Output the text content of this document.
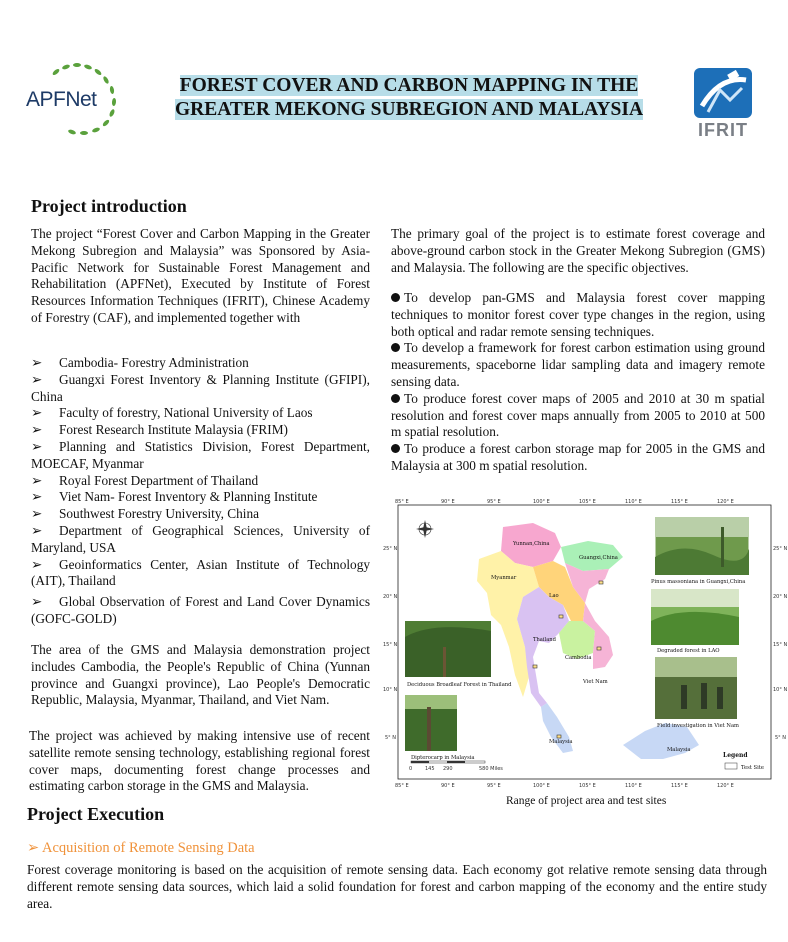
APFNet
FOREST COVER AND CARBON MAPPING IN THE
GREATER MEKONG SUBREGION AND MALAYSIA
IFRIT
Project introduction
The project “Forest Cover and Carbon Mapping in the Greater Mekong Subregion and Malaysia” was Sponsored by Asia-Pacific Network for Sustainable Forest Management and Rehabilitation (APFNet), Executed by Institute of Forest Resources Information Techniques (IFRIT), Chinese Academy of Forestry (CAF), and implemented together with
➢ Cambodia- Forestry Administration
➢ Guangxi Forest Inventory & Planning Institute (GFIPI), China
➢ Faculty of forestry, National University of Laos
➢ Forest Research Institute Malaysia (FRIM)
➢ Planning and Statistics Division, Forest Department, MOECAF, Myanmar
➢ Royal Forest Department of Thailand
➢ Viet Nam- Forest Inventory & Planning Institute
➢ Southwest Forestry University, China
➢ Department of Geographical Sciences, University of Maryland, USA
➢ Geoinformatics Center, Asian Institute of Technology (AIT), Thailand
➢ Global Observation of Forest and Land Cover Dynamics (GOFC-GOLD)
The area of the GMS and Malaysia demonstration project includes Cambodia, the People's Republic of China (Yunnan province and Guangxi province), Lao People's Democratic Republic, Malaysia, Myanmar, Thailand, and Viet Nam.
The project was achieved by making intensive use of recent satellite remote sensing technology, establishing regional forest cover maps, documenting forest change processes and estimating carbon storage in the GMS and Malaysia.
The primary goal of the project is to estimate forest coverage and above-ground carbon stock in the Greater Mekong Subregion (GMS) and Malaysia. The following are the specific objectives.

To develop pan-GMS and Malaysia forest cover mapping techniques to monitor forest cover type changes in the region, using both optical and radar remote sensing techniques.

To develop a framework for forest carbon estimation using ground measurements, spaceborne lidar sampling data and imagery remote sensing data.

To produce forest cover maps of 2005 and 2010 at 30 m spatial resolution and forest cover maps annually from 2005 to 2010 at 500 m spatial resolution.

To produce a forest carbon storage map for 2005 in the GMS and Malaysia at 300 m spatial resolution.

85° E	90° E	95° E	100° E	105° E	110° E	115° E	120° E
85° E	90° E	95° E	100° E	105° E	110° E	115° E	120° E
25° N
20° N
15° N
10° N
5° N
25° N
20° N
15° N
10° N
5° N
Yunnan,China
Guangxi,China
Myanmar
Lao
Thailand
Cambodia
Viet Nam
Malaysia
Malaysia
Pinus massoniana in Guangxi,China
Degraded forest in LAO
Field investigation in Viet Nam
Deciduous Broadleaf Forest in Thailand
Dipterocarp in Malaysia
0	145 290	580 Miles
Legend
Test Site
Range of project area and test sites
Project Execution
➢ Acquisition of Remote Sensing Data
Forest coverage monitoring is based on the acquisition of remote sensing data. Each economy got relative remote sensing data through different remote sensing data sources, which laid a solid foundation for forest and carbon mapping of the economy and the entire study area.
